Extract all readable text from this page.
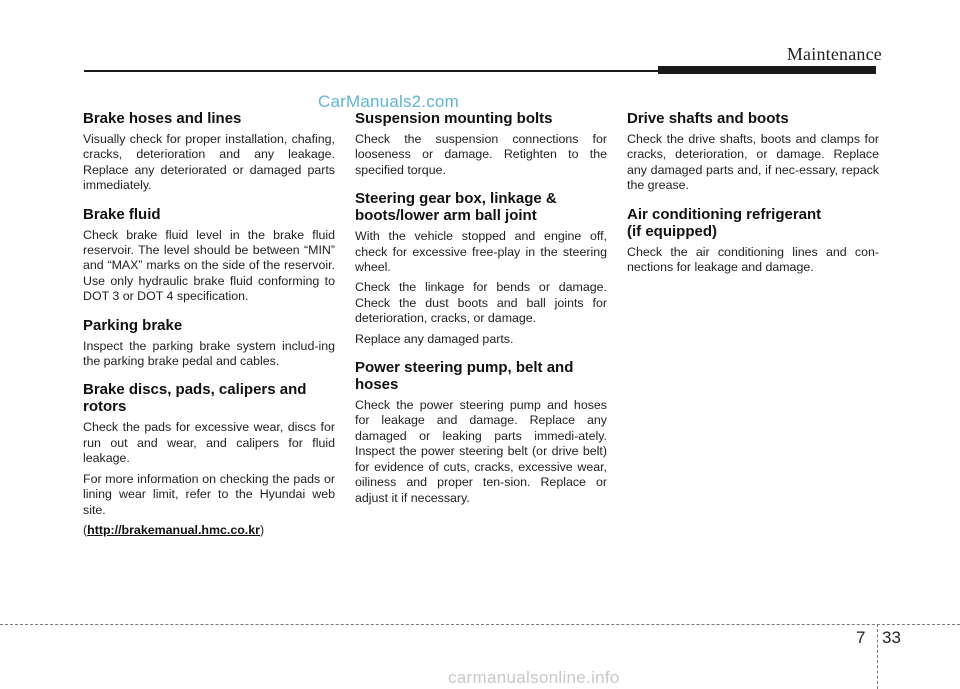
Maintenance
CarManuals2.com
Brake hoses and lines

Visually check for proper installation, chafing, cracks, deterioration and any leakage. Replace any deteriorated or damaged parts immediately.

Brake fluid

Check brake fluid level in the brake fluid reservoir. The level should be between “MIN” and “MAX” marks on the side of the reservoir. Use only hydraulic brake fluid conforming to DOT 3 or DOT 4 specification.

Parking brake

Inspect the parking brake system includ-ing the parking brake pedal and cables.

Brake discs, pads, calipers and rotors

Check the pads for excessive wear, discs for run out and wear, and calipers for fluid leakage.

For more information on checking the pads or lining wear limit, refer to the Hyundai web site.

(http://brakemanual.hmc.co.kr)

Suspension mounting bolts

Check the suspension connections for looseness or damage. Retighten to the specified torque.

Steering gear box, linkage & boots/lower arm ball joint

With the vehicle stopped and engine off, check for excessive free-play in the steering wheel.

Check the linkage for bends or damage. Check the dust boots and ball joints for deterioration, cracks, or damage.

Replace any damaged parts.

Power steering pump, belt and hoses

Check the power steering pump and hoses for leakage and damage. Replace any damaged or leaking parts immedi-ately. Inspect the power steering belt (or drive belt) for evidence of cuts, cracks, excessive wear, oiliness and proper ten-sion. Replace or adjust it if necessary.

Drive shafts and boots

Check the drive shafts, boots and clamps for cracks, deterioration, or damage. Replace any damaged parts and, if nec-essary, repack the grease.

Air conditioning refrigerant
(if equipped)

Check the air conditioning lines and con-nections for leakage and damage.

7 33
carmanualsonline.info
